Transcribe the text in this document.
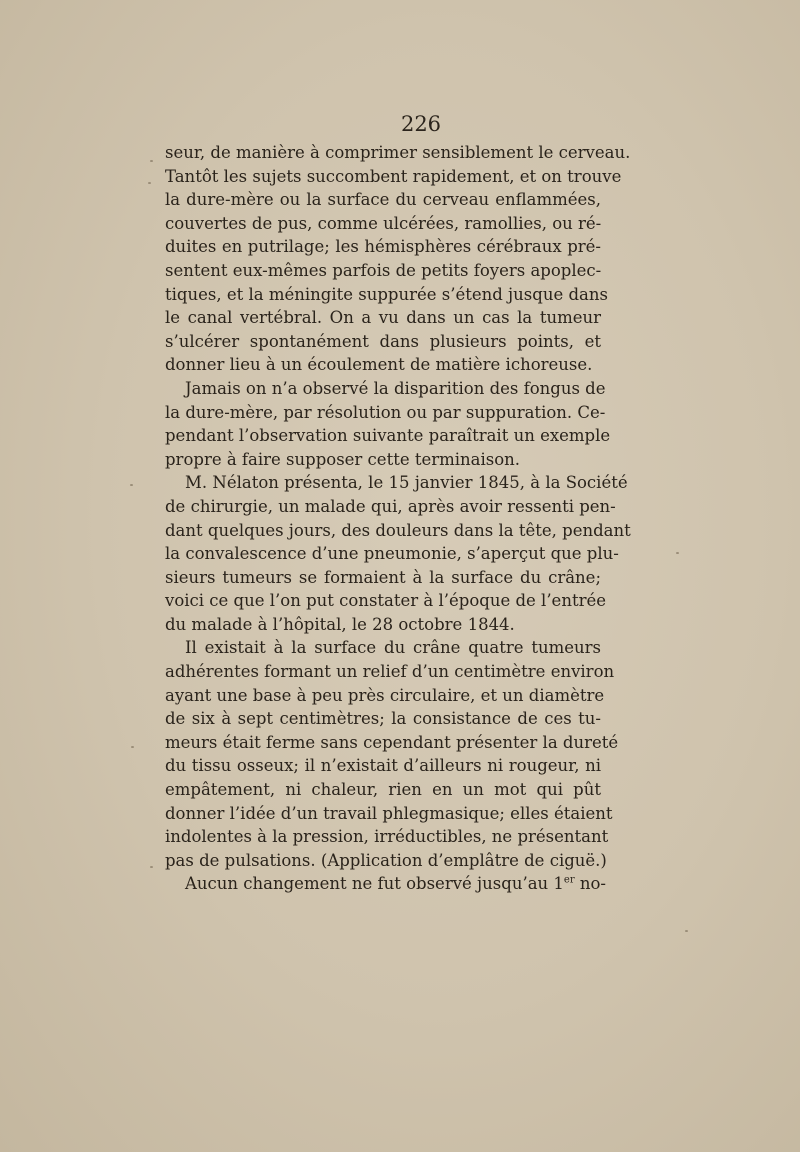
226
seur, de manière à comprimer sensiblement le cerveau.
Tantôt les sujets succombent rapidement, et on trouve
la dure-mère ou la surface du cerveau enflammées,
couvertes de pus, comme ulcérées, ramollies, ou ré-
duites en putrilage; les hémisphères cérébraux pré-
sentent eux-mêmes parfois de petits foyers apoplec-
tiques, et la méningite suppurée s’étend jusque dans
le canal vertébral. On a vu dans un cas la tumeur
s’ulcérer spontanément dans plusieurs points, et
donner lieu à un écoulement de matière ichoreuse.
Jamais on n’a observé la disparition des fongus de
la dure-mère, par résolution ou par suppuration. Ce-
pendant l’observation suivante paraîtrait un exemple
propre à faire supposer cette terminaison.
M. Nélaton présenta, le 15 janvier 1845, à la Société
de chirurgie, un malade qui, après avoir ressenti pen-
dant quelques jours, des douleurs dans la tête, pendant
la convalescence d’une pneumonie, s’aperçut que plu-
sieurs tumeurs se formaient à la surface du crâne;
voici ce que l’on put constater à l’époque de l’entrée
du malade à l’hôpital, le 28 octobre 1844.
Il existait à la surface du crâne quatre tumeurs
adhérentes formant un relief d’un centimètre environ
ayant une base à peu près circulaire, et un diamètre
de six à sept centimètres; la consistance de ces tu-
meurs était ferme sans cependant présenter la dureté
du tissu osseux; il n’existait d’ailleurs ni rougeur, ni
empâtement, ni chaleur, rien en un mot qui pût
donner l’idée d’un travail phlegmasique; elles étaient
indolentes à la pression, irréductibles, ne présentant
pas de pulsations. (Application d’emplâtre de ciguë.)
Aucun changement ne fut observé jusqu’au 1er no-
